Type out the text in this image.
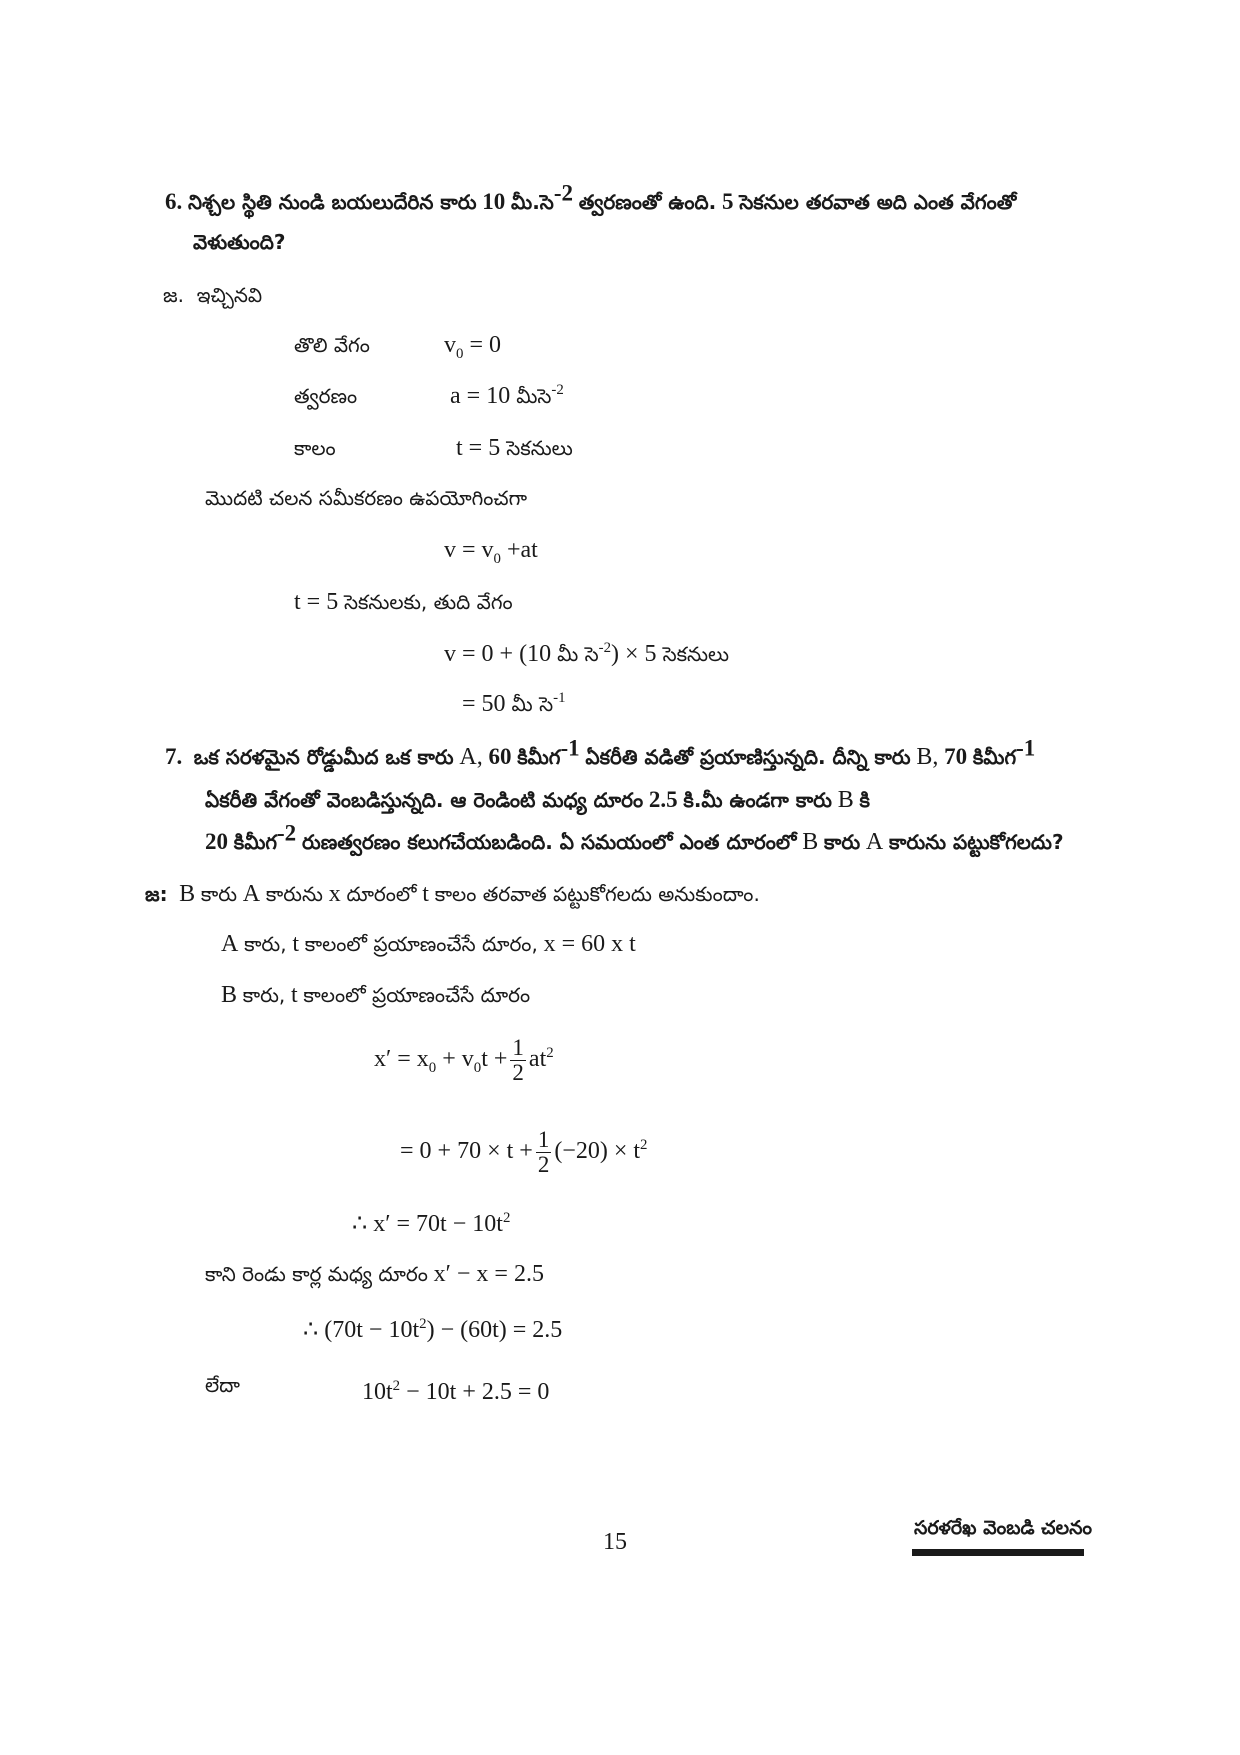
6. నిశ్చల స్థితి నుండి బయలుదేరిన కారు 10 మీ.సె$^{-2}$ త్వరణంతో ఉంది. 5 సెకనుల తరవాత అది ఎంత వేగంతో
వెళుతుంది?
జ. ఇచ్చినవి
తొలి వేగం	$v_0 = 0$
త్వరణం	a = 10 మీసె$^{-2}$
కాలం	t = 5 సెకనులు
మొదటి చలన సమీకరణం ఉపయోగించగా
$v = v_0 +at$
t = 5 సెకనులకు, తుది వేగం
v = 0 + (10 మీ సె$^{-2}$) × 5 సెకనులు
= 50 మీ సె$^{-1}$
7. ఒక సరళమైన రోడ్డుమీద ఒక కారు A, 60 కిమీగ$^{-1}$ ఏకరీతి వడితో ప్రయాణిస్తున్నది. దీన్ని కారు B, 70 కిమీగ$^{-1}$
ఏకరీతి వేగంతో వెంబడిస్తున్నది. ఆ రెండింటి మధ్య దూరం 2.5 కి.మీ ఉండగా కారు B కి
20 కిమీగ$^{-2}$ రుణత్వరణం కలుగచేయబడింది. ఏ సమయంలో ఎంత దూరంలో B కారు A కారును పట్టుకోగలదు?
జ: B కారు A కారును x దూరంలో t కాలం తరవాత పట్టుకోగలదు అనుకుందాం.
A కారు, t కాలంలో ప్రయాణంచేసే దూరం, x = 60 x t
B కారు, t కాలంలో ప్రయాణంచేసే దూరం
$x' = x_0 + v_0t + \frac{1}{2} at^2$
= $0 + 70 \times t + \frac{1}{2} (-20) \times t^2$
∴ $x' = 70t - 10t^2$
కాని రెండు కార్ల మధ్య దూరం x′ − x = 2.5
∴ $(70t - 10t^2) - (60t) = 2.5$
లేదా	$10t^2 - 10t + 2.5 = 0$
15
సరళరేఖ వెంబడి చలనం
